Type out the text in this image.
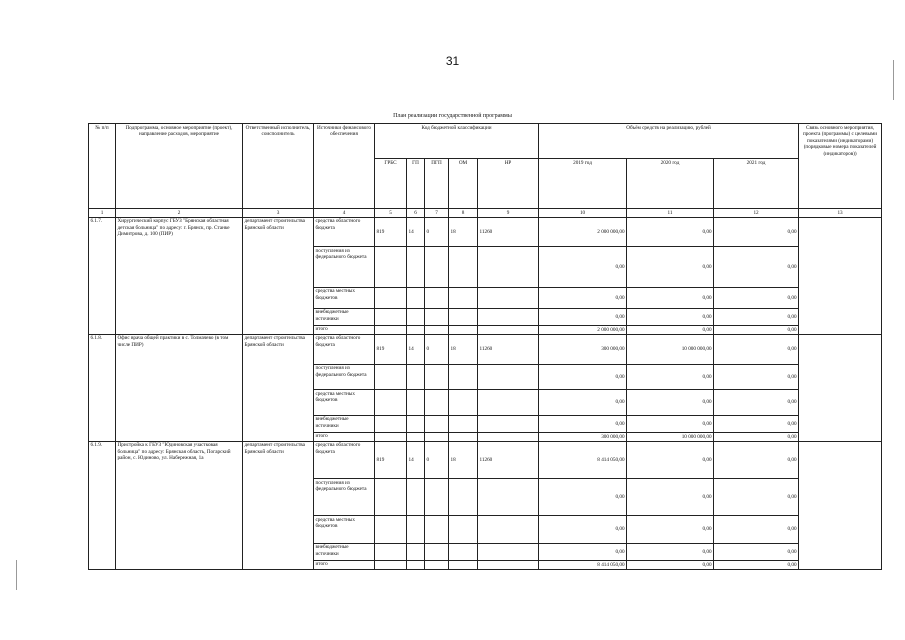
31
План реализации государственной программы
№ п/п	Подпрограмма, основное мероприятие (проект), направление расходов, мероприятие	Ответственный исполнитель, соисполнитель	Источники финансового обеспечения	Код бюджетной классификации					Объём средств на реализацию, рублей			Связь основного мероприятия, проекта (программы) с целевыми показателями (индикаторами) (порядковые номера показателей (индикаторов))
				ГРБС	ГП	ПГП	ОМ	НР	2019 год	2020 год	2021 год	
1	2	3	4	5	6	7	8	9	10	11	12	13
6.1.7.	Хирургический корпус ГБУЗ "Брянская областная детская больница" по адресу: г. Брянск, пр. Станке Димитрова, д. 100 (ПИР)	департамент строительства Брянской области	средства областного бюджета	819	14	0	18	11260	2 000 000,00	0,00	0,00	
			поступления из федерального бюджета						0,00	0,00	0,00	
			средства местных бюджетов						0,00	0,00	0,00	
			внебюджетные источники						0,00	0,00	0,00	
			итого						2 000 000,00	0,00	0,00	
6.1.8.	Офис врача общей практики в с. Толмачево (в том числе ПИР)	департамент строительства Брянской области	средства областного бюджета	819	14	0	18	11260	300 000,00	10 000 000,00	0,00	
			поступления из федерального бюджета						0,00	0,00	0,00	
			средства местных бюджетов						0,00	0,00	0,00	
			внебюджетные источники						0,00	0,00	0,00	
			итого						300 000,00	10 000 000,00	0,00	
6.1.9.	Пристройка к ГБУЗ "Юдиновская участковая больница" по адресу: Брянская область, Погарский район, с. Юдиново, ул. Набережная, 1а	департамент строительства Брянской области	средства областного бюджета	819	14	0	18	11260	8 414 050,00	0,00	0,00	
			поступления из федерального бюджета						0,00	0,00	0,00	
			средства местных бюджетов						0,00	0,00	0,00	
			внебюджетные источники						0,00	0,00	0,00	
			итого						8 414 050,00	0,00	0,00	
